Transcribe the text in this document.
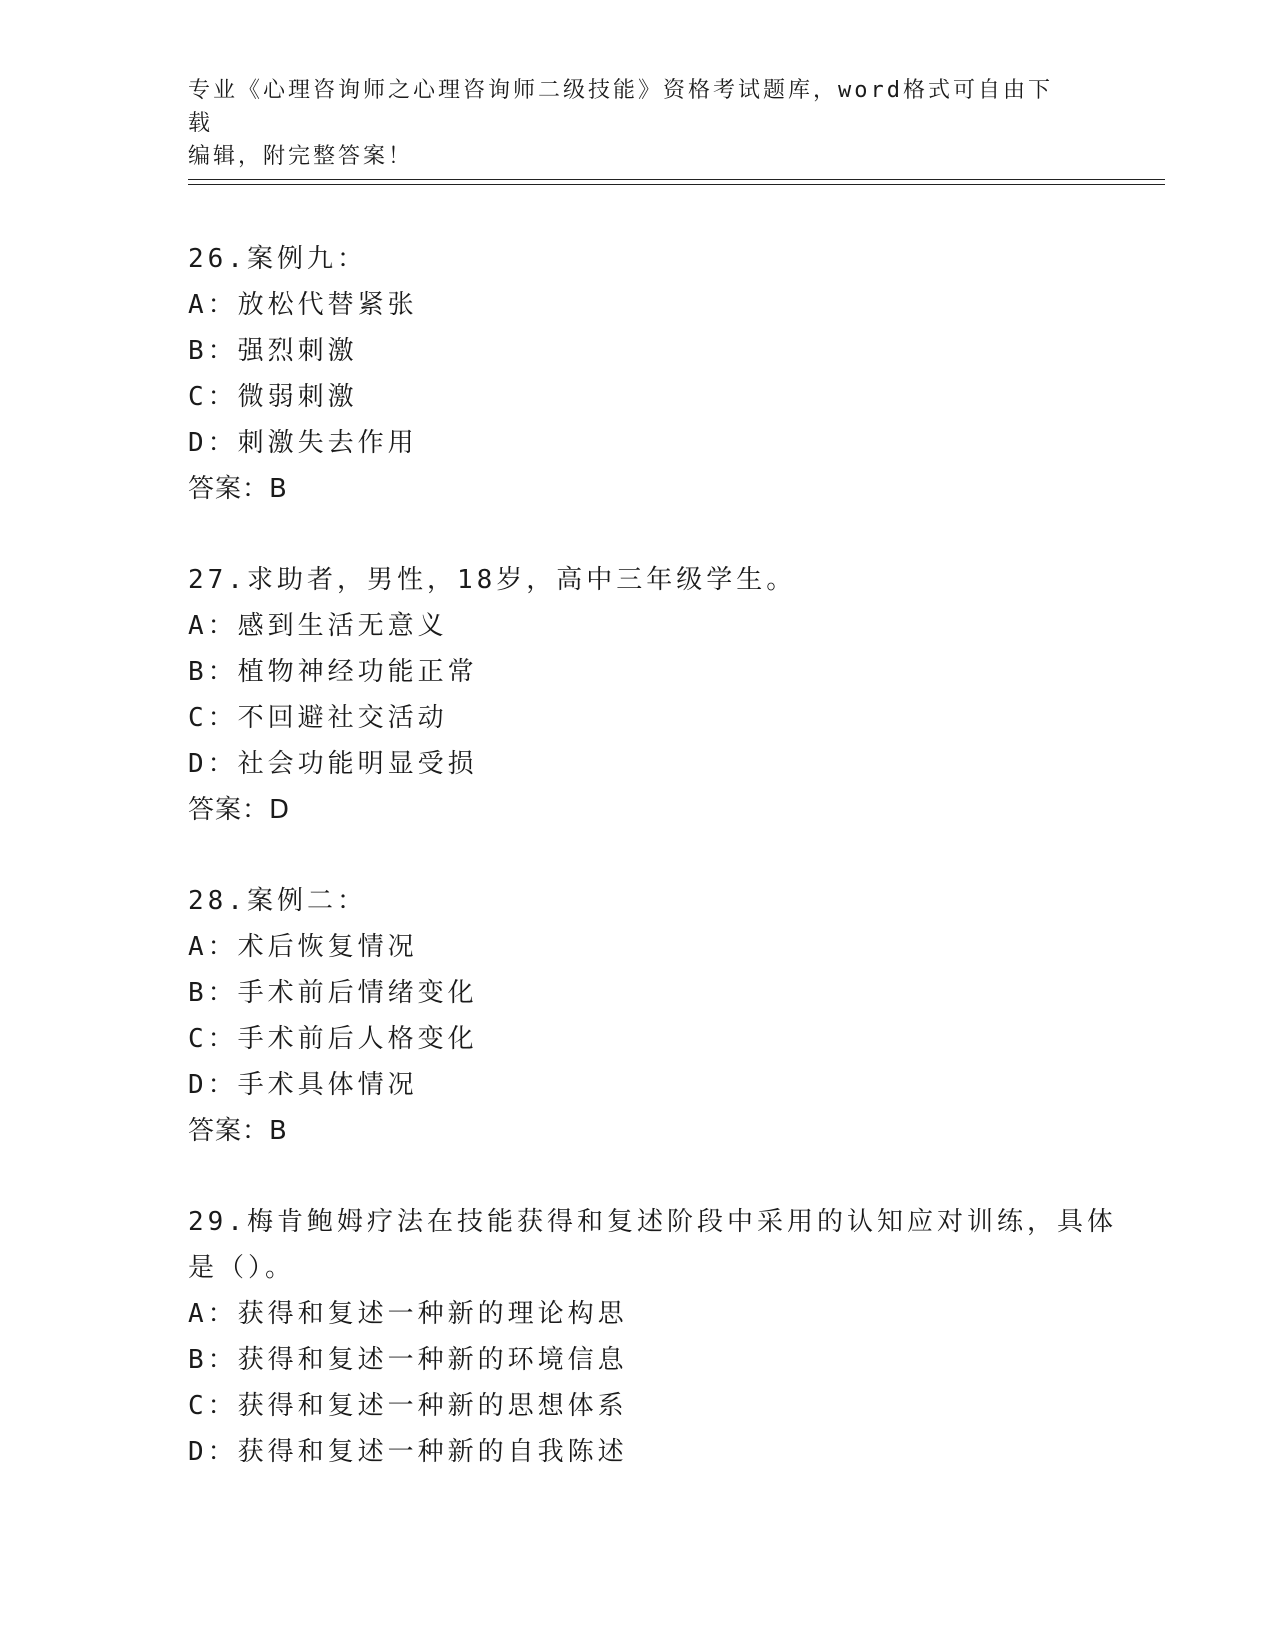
专业《心理咨询师之心理咨询师二级技能》资格考试题库，word格式可自由下载
编辑，附完整答案！
26.案例九：
A：放松代替紧张
B：强烈刺激
C：微弱刺激
D：刺激失去作用
答案：B
27.求助者，男性，18岁，高中三年级学生。
A：感到生活无意义
B：植物神经功能正常
C：不回避社交活动
D：社会功能明显受损
答案：D
28.案例二：
A：术后恢复情况
B：手术前后情绪变化
C：手术前后人格变化
D：手术具体情况
答案：B
29.梅肯鲍姆疗法在技能获得和复述阶段中采用的认知应对训练，具体
是（）。
A：获得和复述一种新的理论构思
B：获得和复述一种新的环境信息
C：获得和复述一种新的思想体系
D：获得和复述一种新的自我陈述
